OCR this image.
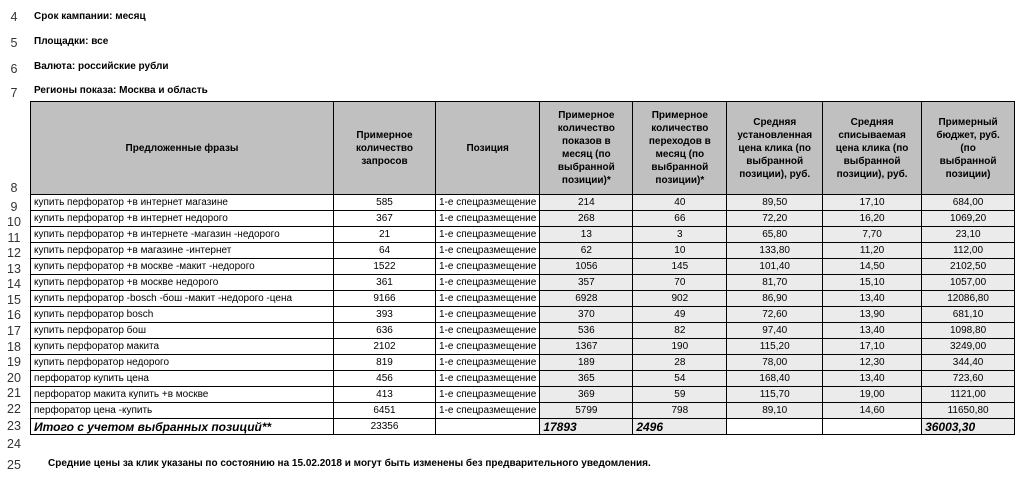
4
5
6
7
8
9
10
11
12
13
14
15
16
17
18
19
20
21
22
23
24
25
Срок кампании: месяц
Площадки: все
Валюта: российские рубли
Регионы показа: Москва и область
Предложенные фразы	Примерное количество запросов	Позиция	Примерное количество показов в месяц (по выбранной позиции)*	Примерное количество переходов в месяц (по выбранной позиции)*	Средняя установленная цена клика (по выбранной позиции), руб.	Средняя списываемая цена клика (по выбранной позиции), руб.	Примерный бюджет, руб. (по выбранной позиции)
купить перфоратор +в интернет магазине	585	1-е спецразмещение	214	40	89,50	17,10	684,00
купить перфоратор +в интернет недорого	367	1-е спецразмещение	268	66	72,20	16,20	1069,20
купить перфоратор +в интернете -магазин -недорого	21	1-е спецразмещение	13	3	65,80	7,70	23,10
купить перфоратор +в магазине -интернет	64	1-е спецразмещение	62	10	133,80	11,20	112,00
купить перфоратор +в москве -макит -недорого	1522	1-е спецразмещение	1056	145	101,40	14,50	2102,50
купить перфоратор +в москве недорого	361	1-е спецразмещение	357	70	81,70	15,10	1057,00
купить перфоратор -bosch -бош -макит -недорого -цена	9166	1-е спецразмещение	6928	902	86,90	13,40	12086,80
купить перфоратор bosch	393	1-е спецразмещение	370	49	72,60	13,90	681,10
купить перфоратор бош	636	1-е спецразмещение	536	82	97,40	13,40	1098,80
купить перфоратор макита	2102	1-е спецразмещение	1367	190	115,20	17,10	3249,00
купить перфоратор недорого	819	1-е спецразмещение	189	28	78,00	12,30	344,40
перфоратор купить цена	456	1-е спецразмещение	365	54	168,40	13,40	723,60
перфоратор макита купить +в москве	413	1-е спецразмещение	369	59	115,70	19,00	1121,00
перфоратор цена -купить	6451	1-е спецразмещение	5799	798	89,10	14,60	11650,80
Итого с учетом выбранных позиций**	23356		17893	2496			36003,30
Средние цены за клик указаны по состоянию на 15.02.2018 и могут быть изменены без предварительного уведомления.
